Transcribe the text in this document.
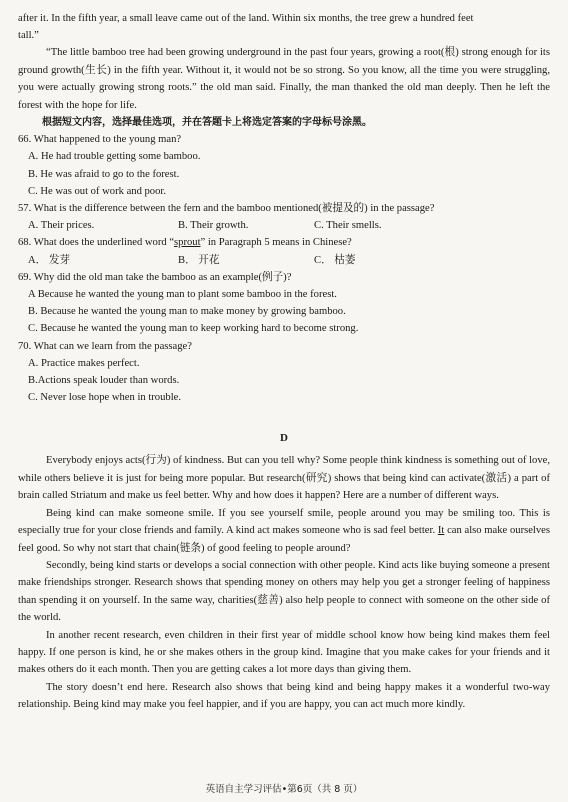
after it. In the fifth year, a small leave came out of the land. Within six months, the tree grew a hundred feet

tall.”

“The little bamboo tree had been growing underground in the past four years, growing a root(根) strong enough for its ground growth(生长) in the fifth year. Without it, it would not be so strong. So you know, all the time you were struggling, you were actually growing strong roots.” the old man said. Finally, the man thanked the old man deeply. Then he left the forest with the hope for life.

根据短文内容，选择最佳选项，并在答题卡上将选定答案的字母标号涂黑。

66. What happened to the young man?

A. He had trouble getting some bamboo.

B. He was afraid to go to the forest.

C. He was out of work and poor.

57. What is the difference between the fern and the bamboo mentioned(被提及的) in the passage?

A. Their prices.	B. Their growth.	C. Their smells.

68. What does the underlined word “sprout” in Paragraph 5 means in Chinese?

A． 发芽	B． 开花	C． 枯萎

69. Why did the old man take the bamboo as an example(例子)?

A Because he wanted the young man to plant some bamboo in the forest.

B. Because he wanted the young man to make money by growing bamboo.

C. Because he wanted the young man to keep working hard to become strong.

70. What can we learn from the passage?

A. Practice makes perfect.

B.Actions speak louder than words.

C. Never lose hope when in trouble.

D

Everybody enjoys acts(行为) of kindness. But can you tell why? Some people think kindness is something out of love, while others believe it is just for being more popular. But research(研究) shows that being kind can activate(激活) a part of brain called Striatum and make us feel better. Why and how does it happen? Here are a number of different ways.

Being kind can make someone smile. If you see yourself smile, people around you may be smiling too. This is especially true for your close friends and family. A kind act makes someone who is sad feel better. It can also make ourselves feel good. So why not start that chain(链条) of good feeling to people around?

Secondly, being kind starts or develops a social connection with other people. Kind acts like buying someone a present make friendships stronger. Research shows that spending money on others may help you get a stronger feeling of happiness than spending it on yourself. In the same way, charities(慈善) also help people to connect with someone on the other side of the world.

In another recent research, even children in their first year of middle school know how being kind makes them feel happy. If one person is kind, he or she makes others in the group kind. Imagine that you make cakes for your friends and it makes others do it each month. Then you are getting cakes a lot more days than giving them.

The story doesn’t end here. Research also shows that being kind and being happy makes it a wonderful two-way relationship. Being kind may make you feel happier, and if you are happy, you can act much more kindly.

英语自主学习评估•第6页（共 8 页）
